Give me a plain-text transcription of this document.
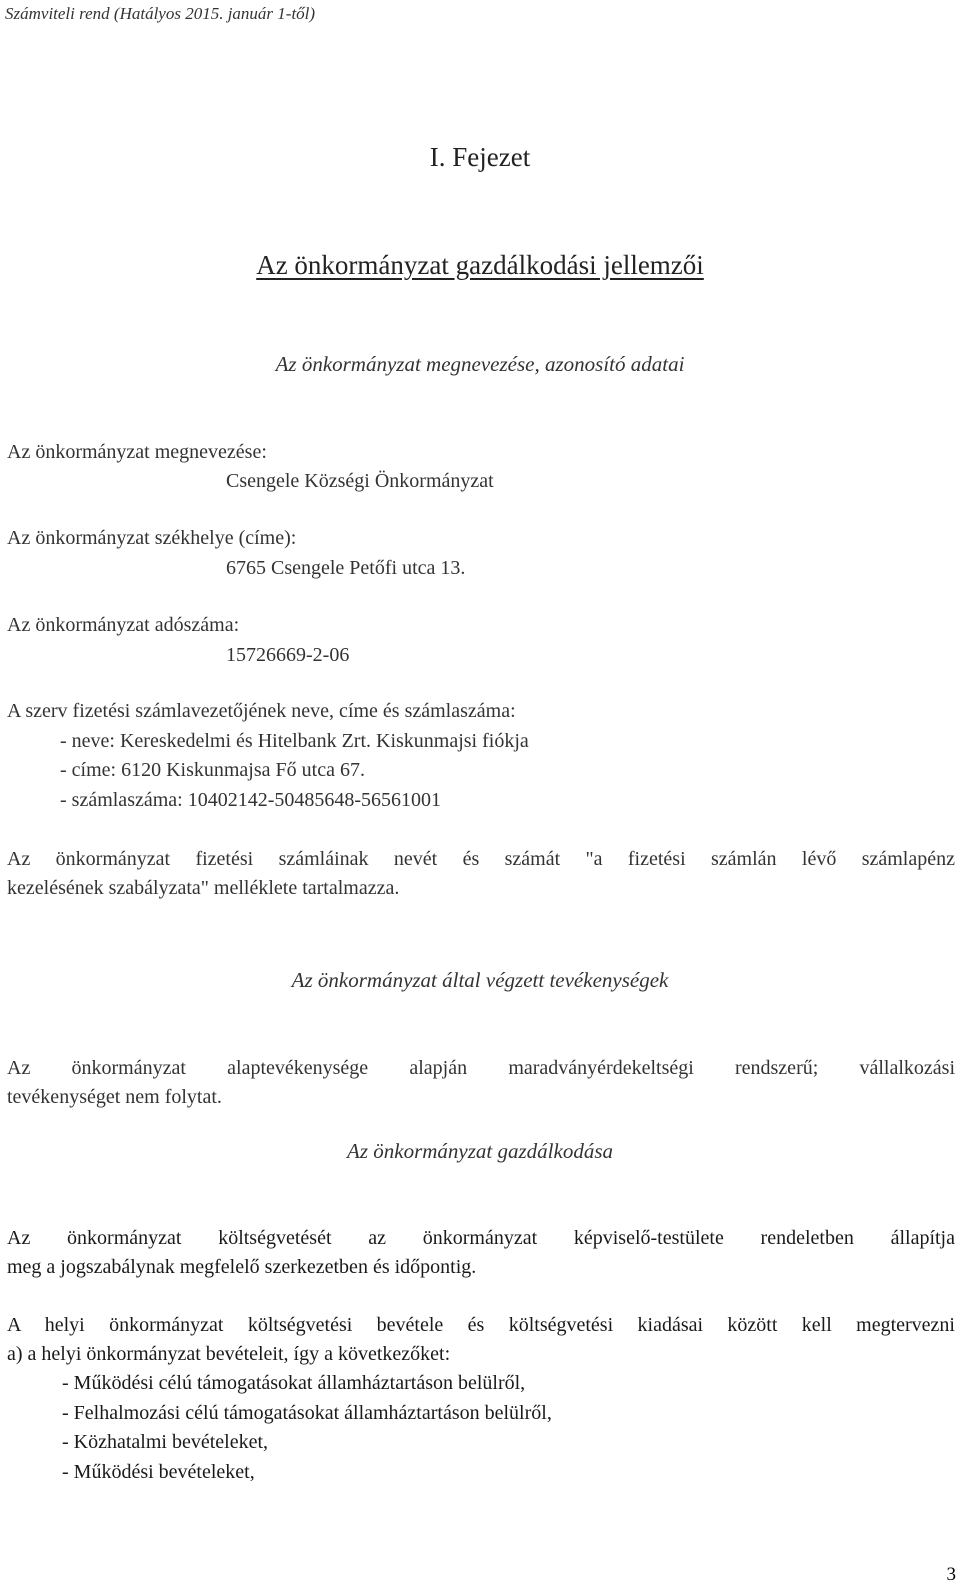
Számviteli rend (Hatályos 2015. január 1-től)
I. Fejezet
Az önkormányzat gazdálkodási jellemzői
Az önkormányzat megnevezése, azonosító adatai
Az önkormányzat megnevezése:
Csengele Községi Önkormányzat
Az önkormányzat székhelye (címe):
6765 Csengele Petőfi utca 13.
Az önkormányzat adószáma:
15726669-2-06
A szerv fizetési számlavezetőjének neve, címe és számlaszáma:
- neve: Kereskedelmi és Hitelbank Zrt. Kiskunmajsi fiókja
- címe: 6120 Kiskunmajsa Fő utca 67.
- számlaszáma: 10402142-50485648-56561001
Az önkormányzat fizetési számláinak nevét és számát "a fizetési számlán lévő számlapénz
kezelésének szabályzata" melléklete tartalmazza.
Az önkormányzat által végzett tevékenységek
Az önkormányzat alaptevékenysége alapján maradványérdekeltségi rendszerű; vállalkozási
tevékenységet nem folytat.
Az önkormányzat gazdálkodása
Az önkormányzat költségvetését az önkormányzat képviselő-testülete rendeletben állapítja
meg a jogszabálynak megfelelő szerkezetben és időpontig.
A helyi önkormányzat költségvetési bevétele és költségvetési kiadásai között kell megtervezni
a) a helyi önkormányzat bevételeit, így a következőket:
- Működési célú támogatásokat államháztartáson belülről,
- Felhalmozási célú támogatásokat államháztartáson belülről,
- Közhatalmi bevételeket,
- Működési bevételeket,
3
